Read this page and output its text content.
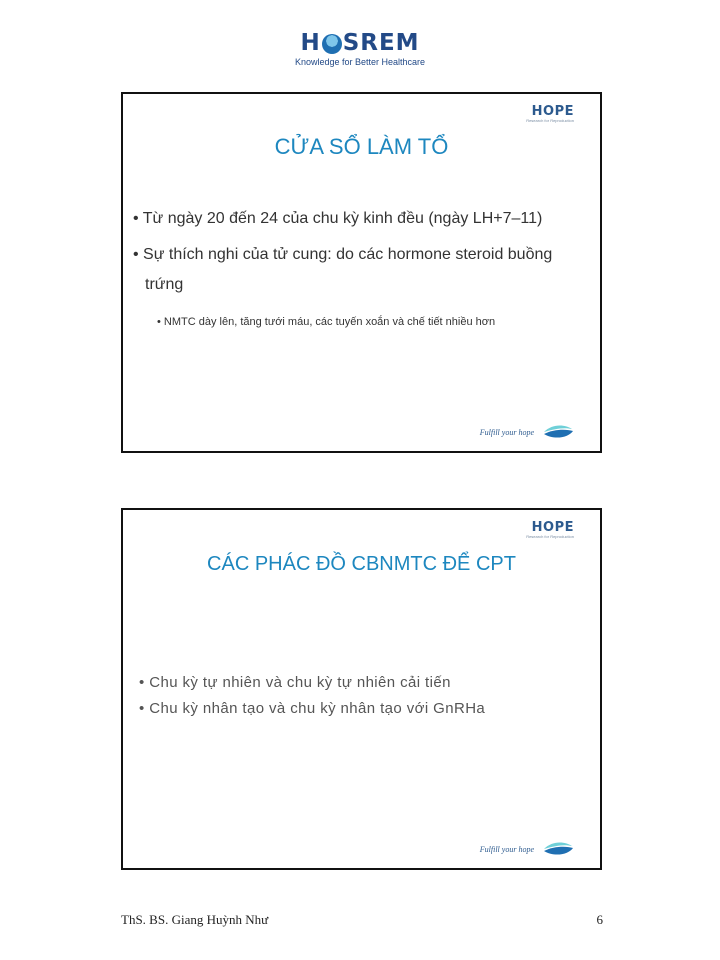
H SREM
Knowledge for Better Healthcare
HOPE
Research for Reproduction
CỬA SỔ LÀM TỔ
• Từ ngày 20 đến 24 của chu kỳ kinh đều (ngày LH+7–11)
• Sự thích nghi của tử cung: do các hormone steroid buồng trứng
• NMTC dày lên, tăng tưới máu, các tuyến xoắn và chế tiết nhiều hơn
Fulfill your hope
HOPE
Research for Reproduction
CÁC PHÁC ĐỒ CBNMTC ĐỂ CPT
• Chu kỳ tự nhiên và chu kỳ tự nhiên cải tiến
• Chu kỳ nhân tạo và chu kỳ nhân tạo với GnRHa
Fulfill your hope
ThS. BS. Giang Huỳnh Như	6
